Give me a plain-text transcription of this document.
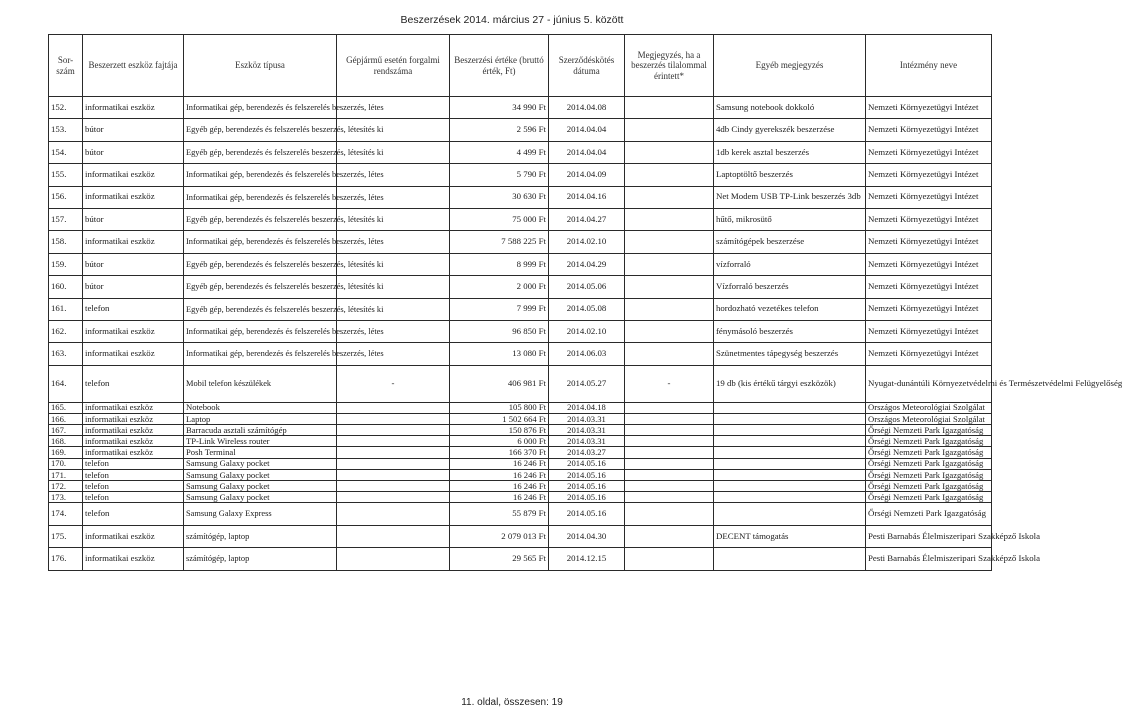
Beszerzések 2014. március 27 - június 5. között
Sor-szám	Beszerzett eszköz fajtája	Eszköz típusa	Gépjármű esetén forgalmi rendszáma	Beszerzési értéke (bruttó érték, Ft)	Szerződéskötés dátuma	Megjegyzés, ha a beszerzés tilalommal érintett*	Egyéb megjegyzés	Intézmény neve
152.	informatikai eszköz	Informatikai gép, berendezés és felszerelés beszerzés, létes		34 990 Ft	2014.04.08		Samsung notebook dokkoló	Nemzeti Környezetügyi Intézet
153.	bútor	Egyéb gép, berendezés és felszerelés beszerzés, létesítés ki		2 596 Ft	2014.04.04		4db Cindy gyerekszék beszerzése	Nemzeti Környezetügyi Intézet
154.	bútor	Egyéb gép, berendezés és felszerelés beszerzés, létesítés ki		4 499 Ft	2014.04.04		1db kerek asztal beszerzés	Nemzeti Környezetügyi Intézet
155.	informatikai eszköz	Informatikai gép, berendezés és felszerelés beszerzés, létes		5 790 Ft	2014.04.09		Laptoptöltő beszerzés	Nemzeti Környezetügyi Intézet
156.	informatikai eszköz	Informatikai gép, berendezés és felszerelés beszerzés, létes		30 630 Ft	2014.04.16		Net Modem USB TP-Link beszerzés 3db	Nemzeti Környezetügyi Intézet
157.	bútor	Egyéb gép, berendezés és felszerelés beszerzés, létesítés ki		75 000 Ft	2014.04.27		hűtő, mikrosütő	Nemzeti Környezetügyi Intézet
158.	informatikai eszköz	Informatikai gép, berendezés és felszerelés beszerzés, létes		7 588 225 Ft	2014.02.10		számítógépek beszerzése	Nemzeti Környezetügyi Intézet
159.	bútor	Egyéb gép, berendezés és felszerelés beszerzés, létesítés ki		8 999 Ft	2014.04.29		vízforraló	Nemzeti Környezetügyi Intézet
160.	bútor	Egyéb gép, berendezés és felszerelés beszerzés, létesítés ki		2 000 Ft	2014.05.06		Vízforraló beszerzés	Nemzeti Környezetügyi Intézet
161.	telefon	Egyéb gép, berendezés és felszerelés beszerzés, létesítés ki		7 999 Ft	2014.05.08		hordozható vezetékes telefon	Nemzeti Környezetügyi Intézet
162.	informatikai eszköz	Informatikai gép, berendezés és felszerelés beszerzés, létes		96 850 Ft	2014.02.10		fénymásoló beszerzés	Nemzeti Környezetügyi Intézet
163.	informatikai eszköz	Informatikai gép, berendezés és felszerelés beszerzés, létes		13 080 Ft	2014.06.03		Szünetmentes tápegység beszerzés	Nemzeti Környezetügyi Intézet
164.	telefon	Mobil telefon készülékek	-	406 981 Ft	2014.05.27	-	19 db (kis értékű tárgyi eszközök)	Nyugat-dunántúli Környezetvédelmi és Természetvédelmi Felügyelőség
165.	informatikai eszköz	Notebook		105 800 Ft	2014.04.18			Országos Meteorológiai Szolgálat
166.	informatikai eszköz	Laptop		1 502 664 Ft	2014.03.31			Országos Meteorológiai Szolgálat
167.	informatikai eszköz	Barracuda asztali számítógép		150 876 Ft	2014.03.31			Őrségi Nemzeti Park Igazgatóság
168.	informatikai eszköz	TP-Link Wireless router		6 000 Ft	2014.03.31			Őrségi Nemzeti Park Igazgatóság
169.	informatikai eszköz	Posh Terminal		166 370 Ft	2014.03.27			Őrségi Nemzeti Park Igazgatóság
170.	telefon	Samsung Galaxy pocket		16 246 Ft	2014.05.16			Őrségi Nemzeti Park Igazgatóság
171.	telefon	Samsung Galaxy pocket		16 246 Ft	2014.05.16			Őrségi Nemzeti Park Igazgatóság
172.	telefon	Samsung Galaxy pocket		16 246 Ft	2014.05.16			Őrségi Nemzeti Park Igazgatóság
173.	telefon	Samsung Galaxy pocket		16 246 Ft	2014.05.16			Őrségi Nemzeti Park Igazgatóság
174.	telefon	Samsung Galaxy Express		55 879 Ft	2014.05.16			Őrségi Nemzeti Park Igazgatóság
175.	informatikai eszköz	számítógép, laptop		2 079 013 Ft	2014.04.30		DECENT támogatás	Pesti Barnabás Élelmiszeripari Szakképző Iskola
176.	informatikai eszköz	számítógép, laptop		29 565 Ft	2014.12.15			Pesti Barnabás Élelmiszeripari Szakképző Iskola
11. oldal, összesen: 19
